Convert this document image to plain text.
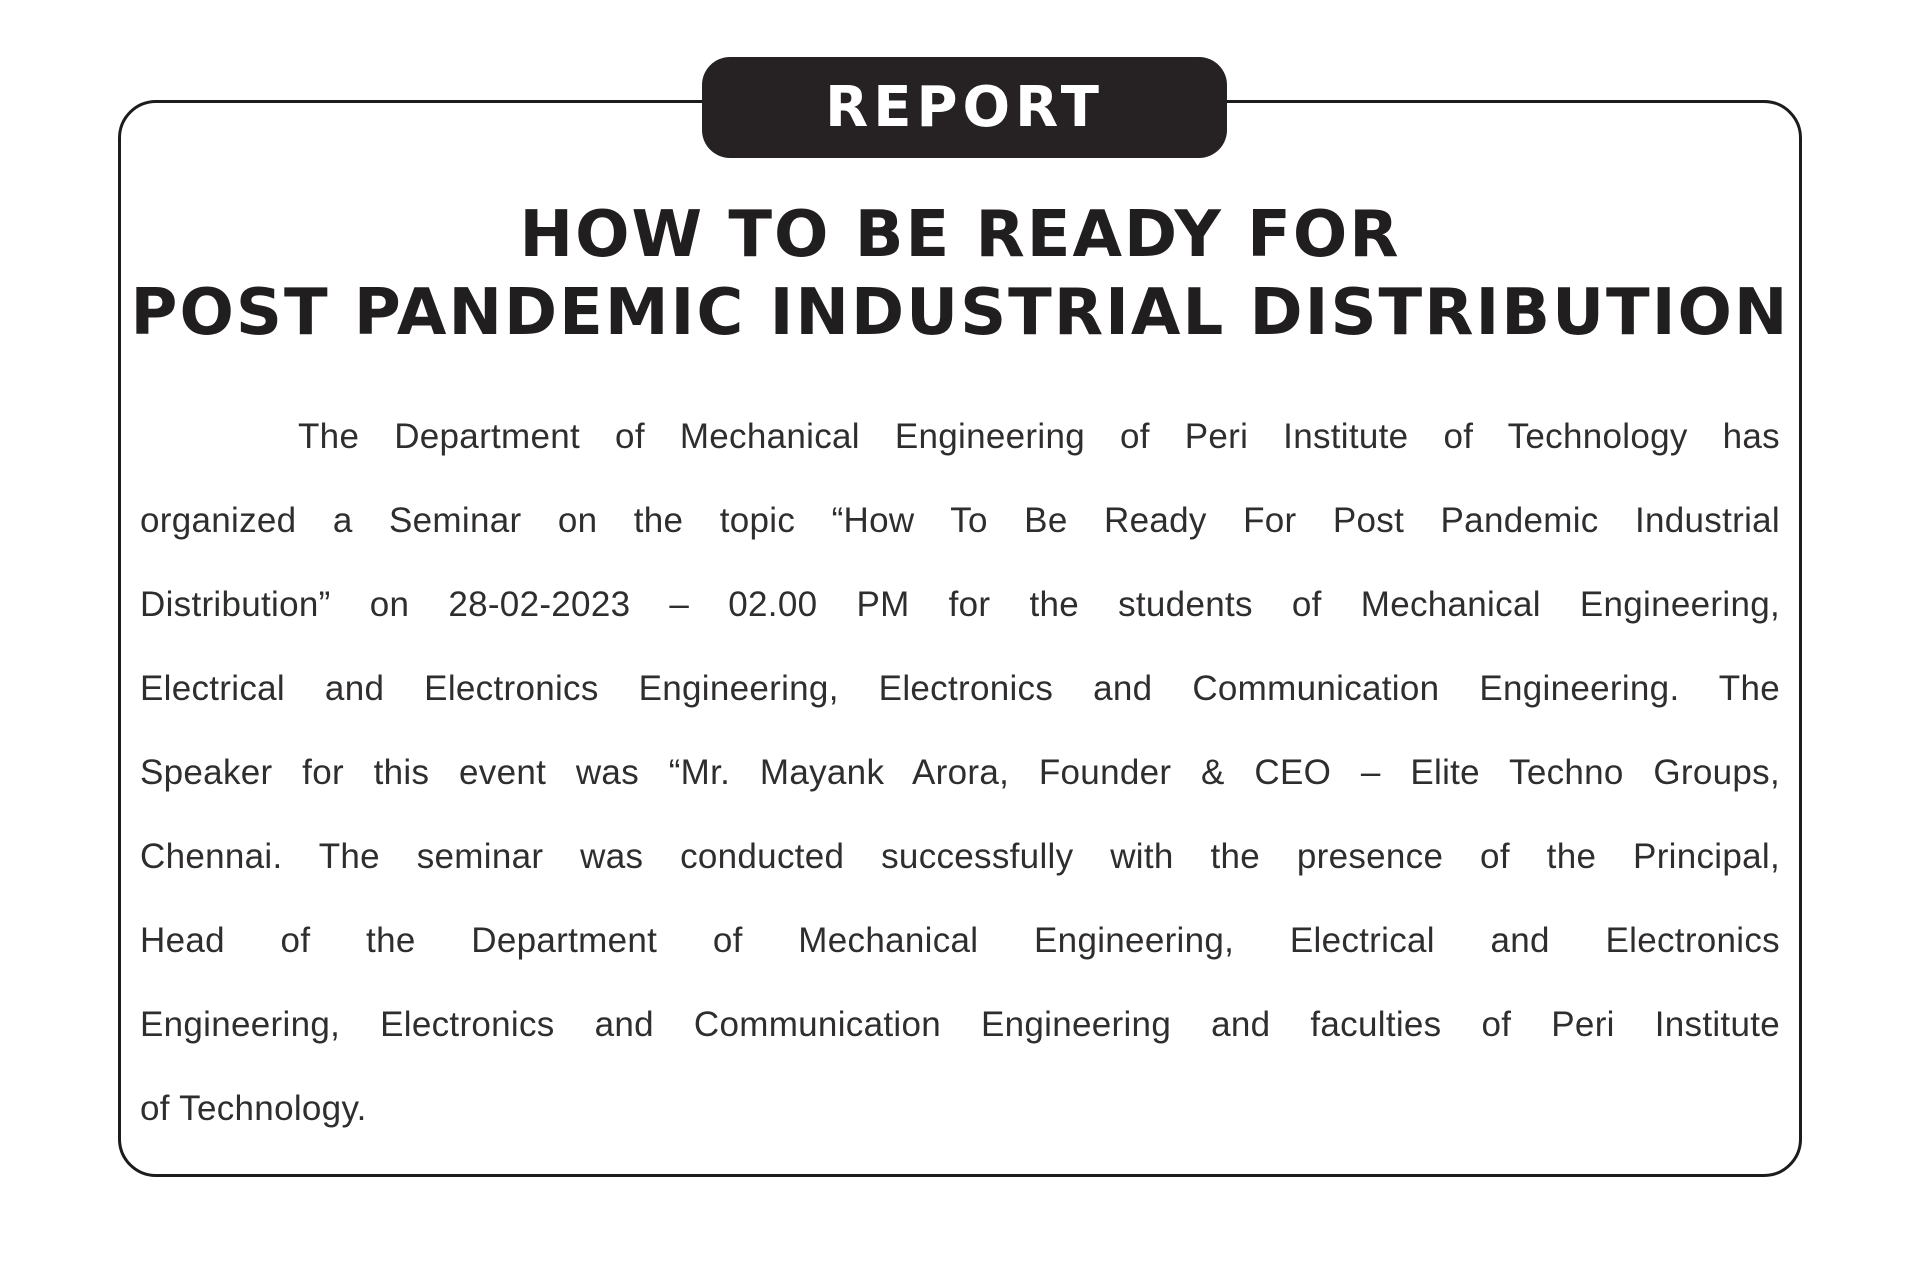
REPORT
HOW TO BE READY FOR
POST PANDEMIC INDUSTRIAL DISTRIBUTION
The Department of Mechanical Engineering of Peri Institute of Technology has
organized a Seminar on the topic “How To Be Ready For Post Pandemic Industrial
Distribution” on 28-02-2023 – 02.00 PM for the students of Mechanical Engineering,
Electrical and Electronics Engineering, Electronics and Communication Engineering. The
Speaker for this event was “Mr. Mayank Arora, Founder & CEO – Elite Techno Groups,
Chennai. The seminar was conducted successfully with the presence of the Principal,
Head of the Department of Mechanical Engineering, Electrical and Electronics
Engineering, Electronics and Communication Engineering and faculties of Peri Institute
of Technology.
